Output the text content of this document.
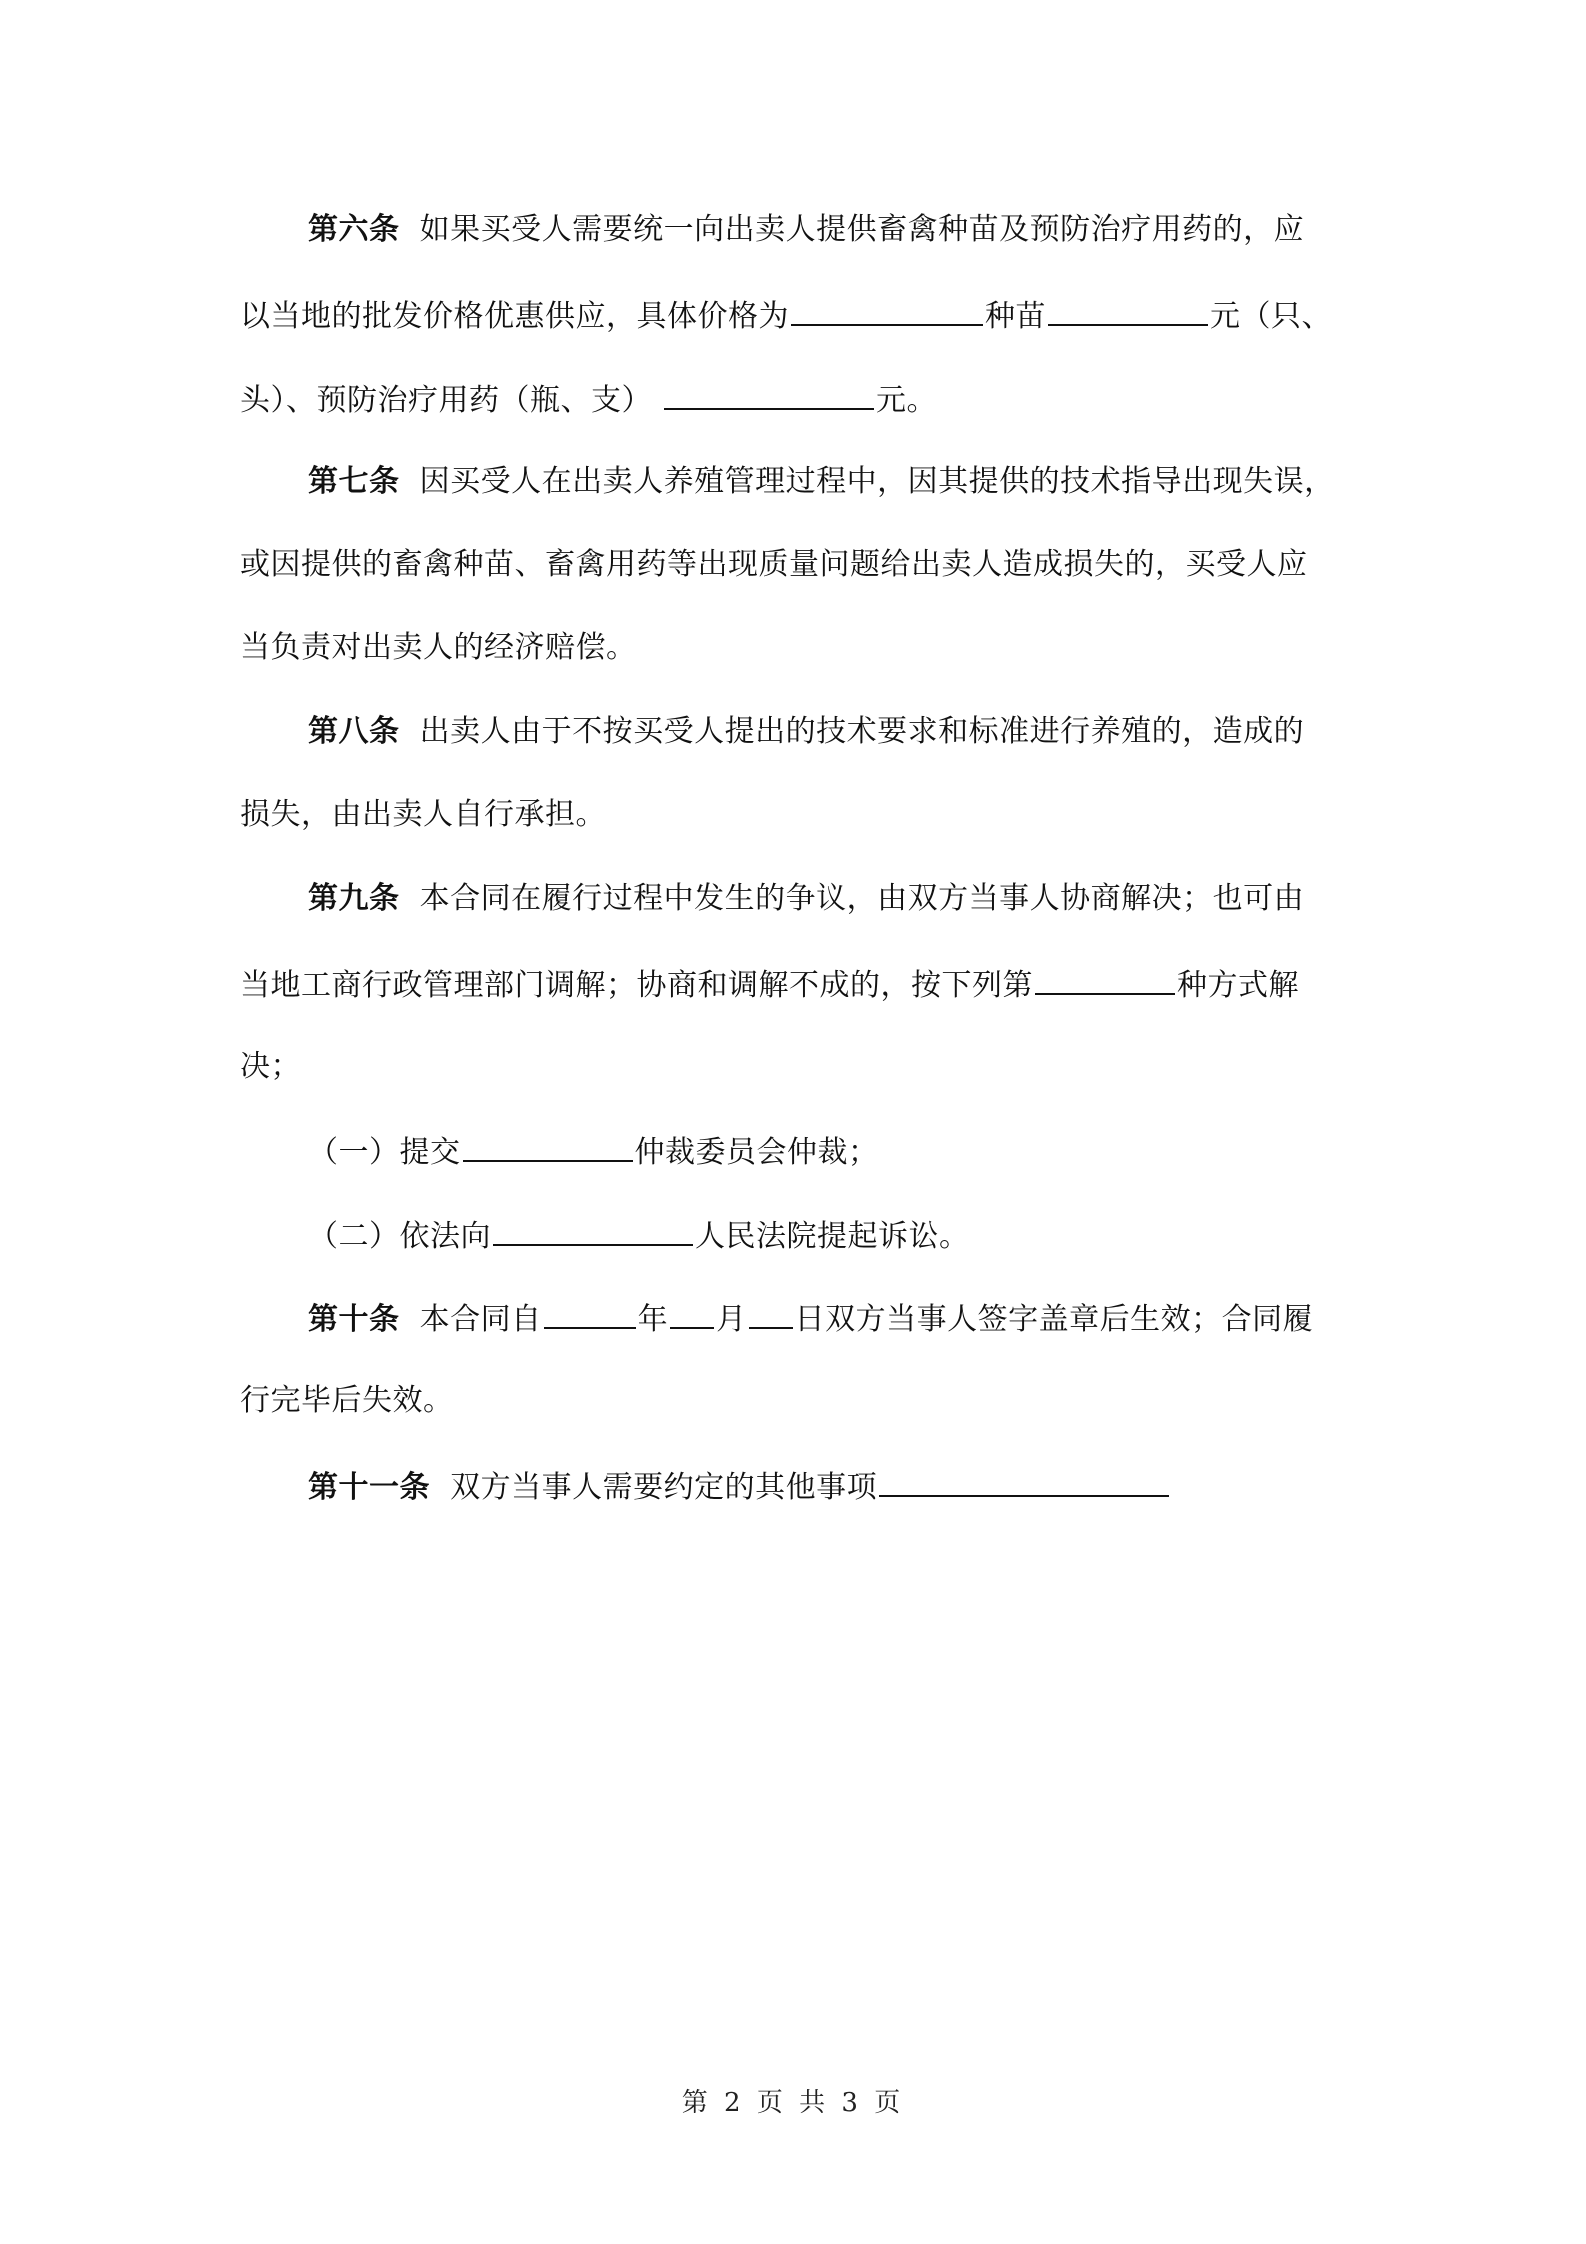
第六条 如果买受人需要统一向出卖人提供畜禽种苗及预防治疗用药的，应
以当地的批发价格优惠供应，具体价格为	种苗	元（只、
头）、预防治疗用药（瓶、支）	元。
第七条 因买受人在出卖人养殖管理过程中，因其提供的技术指导出现失误，
或因提供的畜禽种苗、畜禽用药等出现质量问题给出卖人造成损失的，买受人应
当负责对出卖人的经济赔偿。
第八条 出卖人由于不按买受人提出的技术要求和标准进行养殖的，造成的
损失，由出卖人自行承担。
第九条 本合同在履行过程中发生的争议，由双方当事人协商解决；也可由
当地工商行政管理部门调解；协商和调解不成的，按下列第	种方式解
决；
（一）提交	仲裁委员会仲裁；
（二）依法向	人民法院提起诉讼。
第十条 本合同自	年 月 日双方当事人签字盖章后生效；合同履
行完毕后失效。
第十一条 双方当事人需要约定的其他事项
第 2 页 共 3 页
